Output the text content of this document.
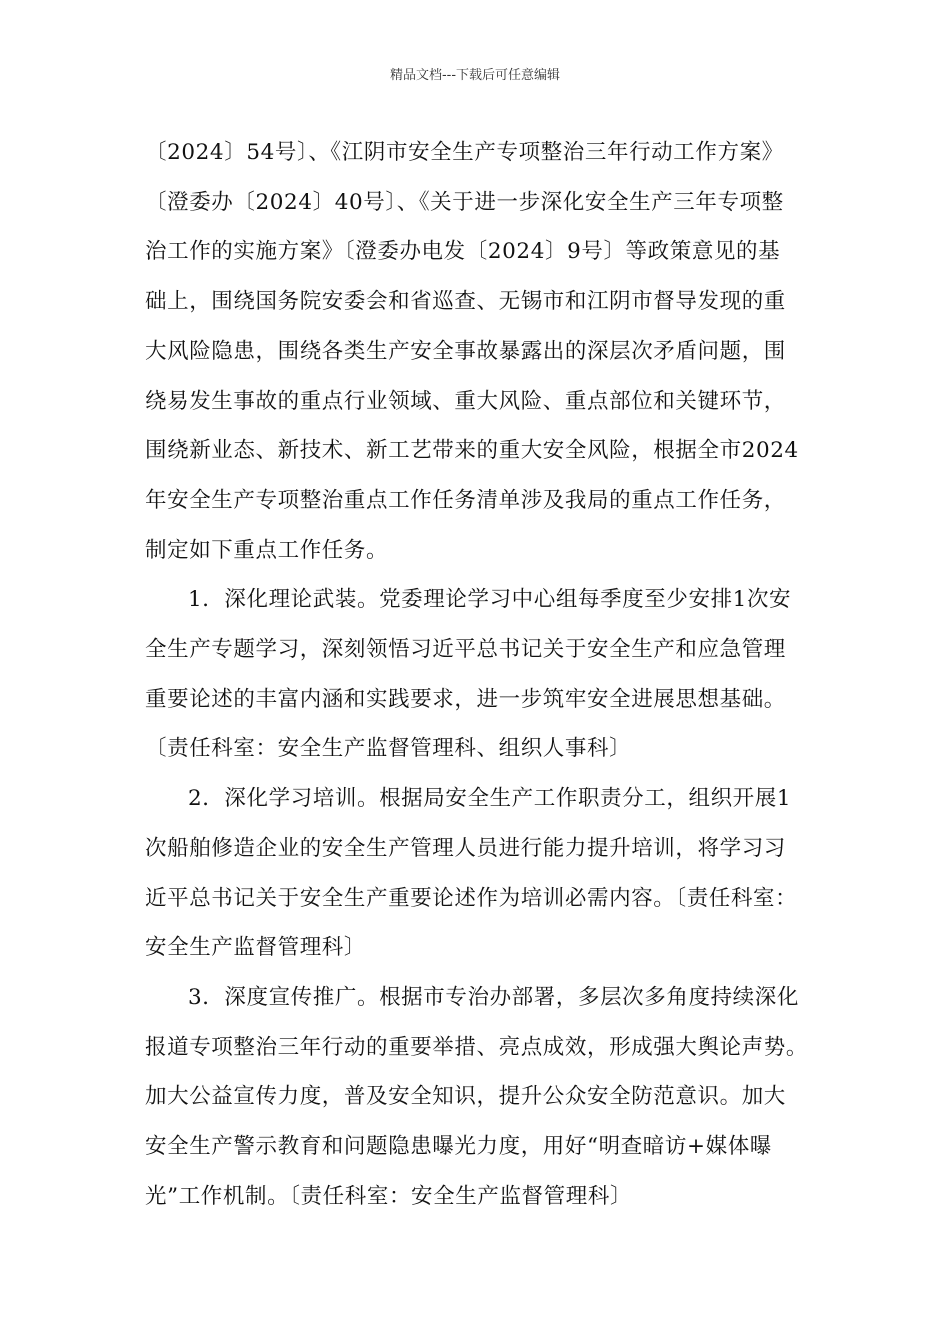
精品文档---下载后可任意编辑

〔2024〕54号〕、《江阴市安全生产专项整治三年行动工作方案》
〔澄委办〔2024〕40号〕、《关于进一步深化安全生产三年专项整
治工作的实施方案》〔澄委办电发〔2024〕9号〕等政策意见的基
础上，围绕国务院安委会和省巡查、无锡市和江阴市督导发现的重
大风险隐患，围绕各类生产安全事故暴露出的深层次矛盾问题，围
绕易发生事故的重点行业领域、重大风险、重点部位和关键环节，
围绕新业态、新技术、新工艺带来的重大安全风险，根据全市2024
年安全生产专项整治重点工作任务清单涉及我局的重点工作任务，
制定如下重点工作任务。

1．深化理论武装。党委理论学习中心组每季度至少安排1次安
全生产专题学习，深刻领悟习近平总书记关于安全生产和应急管理
重要论述的丰富内涵和实践要求，进一步筑牢安全进展思想基础。
〔责任科室：安全生产监督管理科、组织人事科〕

2．深化学习培训。根据局安全生产工作职责分工，组织开展1
次船舶修造企业的安全生产管理人员进行能力提升培训，将学习习
近平总书记关于安全生产重要论述作为培训必需内容。〔责任科室：
安全生产监督管理科〕

3．深度宣传推广。根据市专治办部署，多层次多角度持续深化
报道专项整治三年行动的重要举措、亮点成效，形成强大舆论声势。
加大公益宣传力度，普及安全知识，提升公众安全防范意识。加大
安全生产警示教育和问题隐患曝光力度，用好“明查暗访+媒体曝
光”工作机制。〔责任科室：安全生产监督管理科〕
